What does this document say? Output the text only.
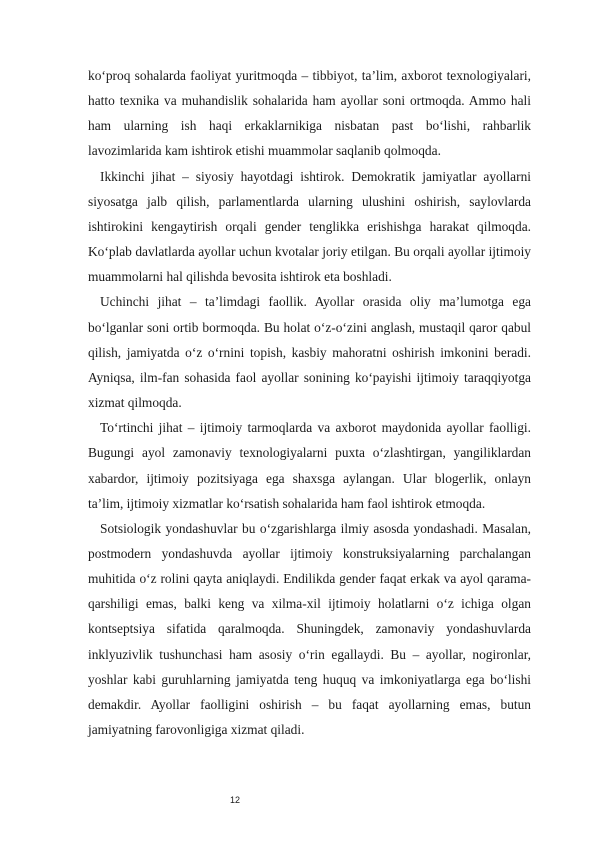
ko‘proq sohalarda faoliyat yuritmoqda – tibbiyot, ta’lim, axborot texnologiyalari, hatto texnika va muhandislik sohalarida ham ayollar soni ortmoqda. Ammo hali ham ularning ish haqi erkaklarnikiga nisbatan past bo‘lishi, rahbarlik lavozimlarida kam ishtirok etishi muammolar saqlanib qolmoqda.

Ikkinchi jihat – siyosiy hayotdagi ishtirok. Demokratik jamiyatlar ayollarni siyosatga jalb qilish, parlamentlarda ularning ulushini oshirish, saylovlarda ishtirokini kengaytirish orqali gender tenglikka erishishga harakat qilmoqda. Ko‘plab davlatlarda ayollar uchun kvotalar joriy etilgan. Bu orqali ayollar ijtimoiy muammolarni hal qilishda bevosita ishtirok eta boshladi.

Uchinchi jihat – ta’limdagi faollik. Ayollar orasida oliy ma’lumotga ega bo‘lganlar soni ortib bormoqda. Bu holat o‘z-o‘zini anglash, mustaqil qaror qabul qilish, jamiyatda o‘z o‘rnini topish, kasbiy mahoratni oshirish imkonini beradi. Ayniqsa, ilm-fan sohasida faol ayollar sonining ko‘payishi ijtimoiy taraqqiyotga xizmat qilmoqda.

To‘rtinchi jihat – ijtimoiy tarmoqlarda va axborot maydonida ayollar faolligi. Bugungi ayol zamonaviy texnologiyalarni puxta o‘zlashtirgan, yangiliklardan xabardor, ijtimoiy pozitsiyaga ega shaxsga aylangan. Ular blogerlik, onlayn ta’lim, ijtimoiy xizmatlar ko‘rsatish sohalarida ham faol ishtirok etmoqda.

Sotsiologik yondashuvlar bu o‘zgarishlarga ilmiy asosda yondashadi. Masalan, postmodern yondashuvda ayollar ijtimoiy konstruksiyalarning parchalangan muhitida o‘z rolini qayta aniqlaydi. Endilikda gender faqat erkak va ayol qarama-qarshiligi emas, balki keng va xilma-xil ijtimoiy holatlarni o‘z ichiga olgan kontseptsiya sifatida qaralmoqda. Shuningdek, zamonaviy yondashuvlarda inklyuzivlik tushunchasi ham asosiy o‘rin egallaydi. Bu – ayollar, nogironlar, yoshlar kabi guruhlarning jamiyatda teng huquq va imkoniyatlarga ega bo‘lishi demakdir. Ayollar faolligini oshirish – bu faqat ayollarning emas, butun jamiyatning farovonligiga xizmat qiladi.

12
